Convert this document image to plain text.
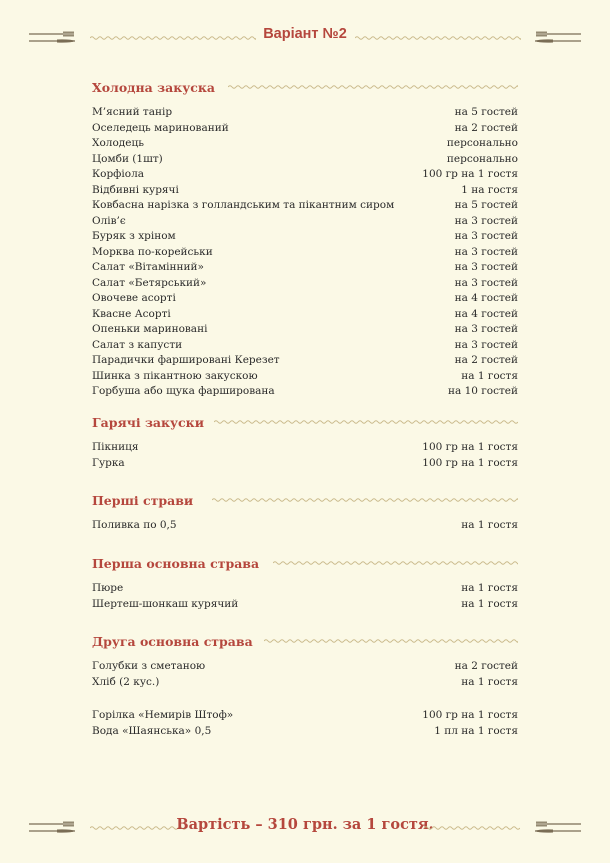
Варіант №2
Холодна закуска
М’ясний танір	на 5 гостей
Оселедець маринований	на 2 гостей
Холодець	персонально
Цомби (1шт)	персонально
Корфіола	100 гр на 1 гостя
Відбивні курячі	1 на гостя
Ковбасна нарізка з голландським та пікантним сиром	на 5 гостей
Олів’є	на 3 гостей
Буряк з хріном	на 3 гостей
Морква по-корейськи	на 3 гостей
Салат «Вітамінний»	на 3 гостей
Салат «Бетярський»	на 3 гостей
Овочеве асорті	на 4 гостей
Квасне Асорті	на 4 гостей
Опеньки мариновані	на 3 гостей
Салат з капусти	на 3 гостей
Парадички фаршировані Керезет	на 2 гостей
Шинка з пікантною закускою	на 1 гостя
Горбуша або щука фарширована	на 10 гостей
Гарячі закуски
Пікниця	100 гр на 1 гостя
Гурка	100 гр на 1 гостя
Перші страви
Поливка по 0,5	на 1 гостя
Перша основна страва
Пюре	на 1 гостя
Шертеш-шонкаш курячий	на 1 гостя
Друга основна страва
Голубки з сметаною	на 2 гостей
Хліб (2 кус.)	на 1 гостя
Горілка «Немирів Штоф»	100 гр на 1 гостя
Вода «Шаянська» 0,5	1 пл на 1 гостя
Вартість – 310 грн. за 1 гостя.
